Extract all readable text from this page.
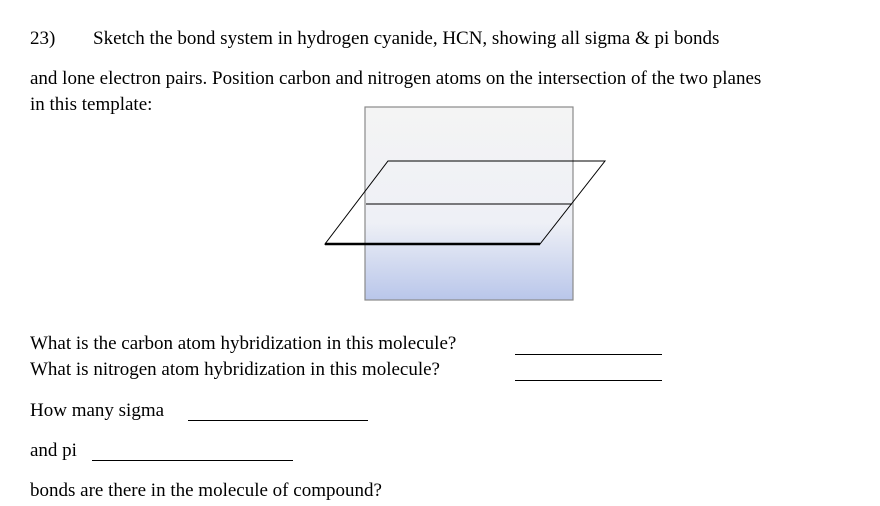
23) Sketch the bond system in hydrogen cyanide, HCN, showing all sigma & pi bonds
and lone electron pairs. Position carbon and nitrogen atoms on the intersection of the two planes
in this template:
What is the carbon atom hybridization in this molecule?
What is nitrogen atom hybridization in this molecule?
How many sigma
and pi
bonds are there in the molecule of compound?
